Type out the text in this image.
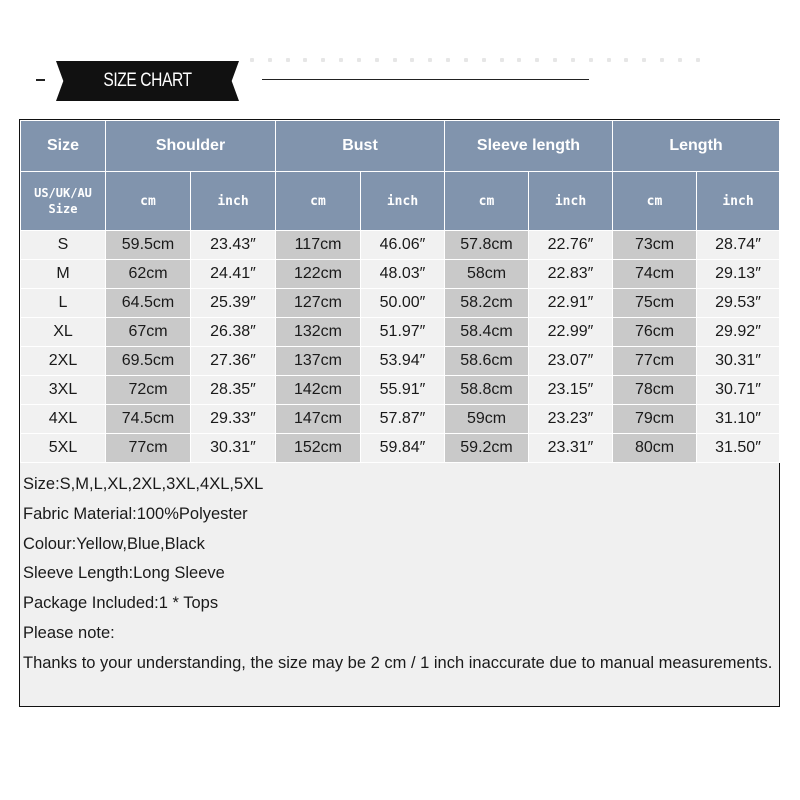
SIZE CHART
Size	Shoulder		Bust		Sleeve length		Length	

US/UK/AU
Size	cm	inch	cm	inch	cm	inch	cm	inch
S	59.5cm	23.43″	117cm	46.06″	57.8cm	22.76″	73cm	28.74″
M	62cm	24.41″	122cm	48.03″	58cm	22.83″	74cm	29.13″
L	64.5cm	25.39″	127cm	50.00″	58.2cm	22.91″	75cm	29.53″
XL	67cm	26.38″	132cm	51.97″	58.4cm	22.99″	76cm	29.92″
2XL	69.5cm	27.36″	137cm	53.94″	58.6cm	23.07″	77cm	30.31″
3XL	72cm	28.35″	142cm	55.91″	58.8cm	23.15″	78cm	30.71″
4XL	74.5cm	29.33″	147cm	57.87″	59cm	23.23″	79cm	31.10″
5XL	77cm	30.31″	152cm	59.84″	59.2cm	23.31″	80cm	31.50″
Size:S,M,L,XL,2XL,3XL,4XL,5XL
Fabric Material:100%Polyester
Colour:Yellow,Blue,Black
Sleeve Length:Long Sleeve
Package Included:1 * Tops
Please note:
Thanks to your understanding, the size may be 2 cm / 1 inch inaccurate due to manual measurements.
